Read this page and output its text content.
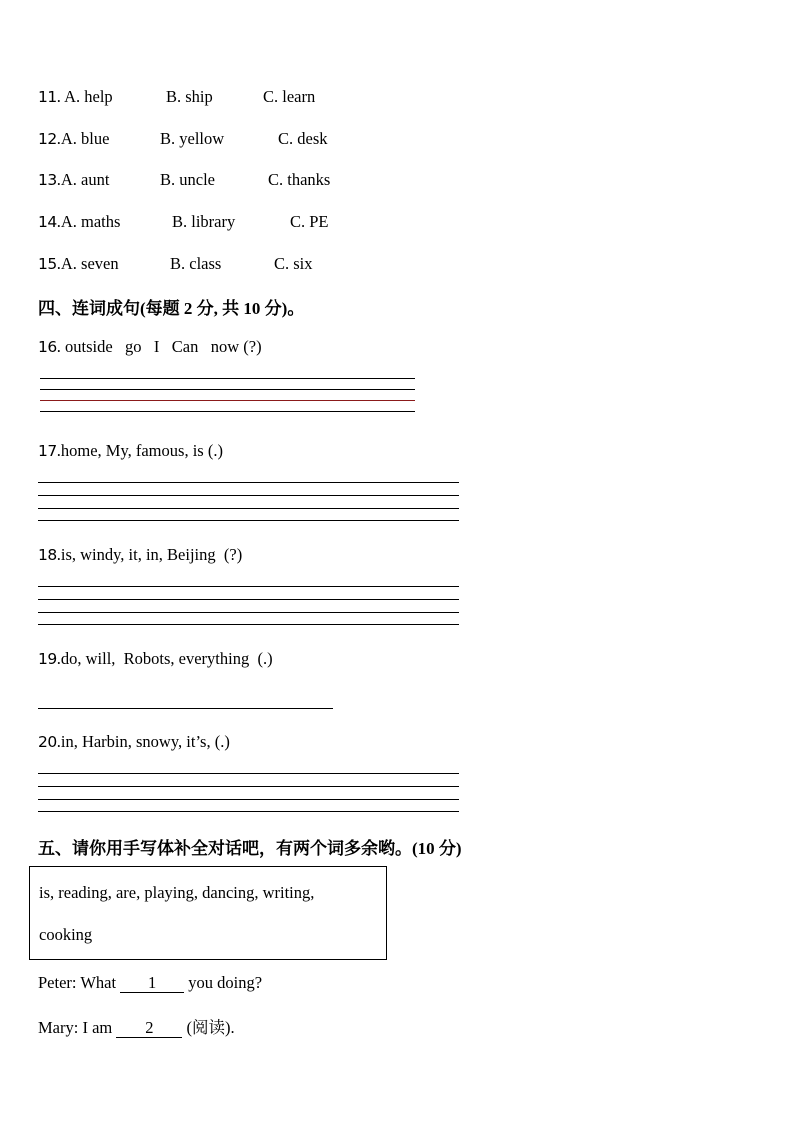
11. A. help	B. ship	C. learn
12.A. blue	B. yellow	C. desk
13.A. aunt	B. uncle	C. thanks
14.A. maths	B. library	C. PE
15.A. seven	B. class	C. six
四、连词成句(每题 2 分, 共 10 分)。
16. outside   go   I   Can   now (?)
17.home, My, famous, is (.)
18.is, windy, it, in, Beijing  (?)
19.do, will,  Robots, everything  (.)
20.in, Harbin, snowy, it’s, (.)
五、请你用手写体补全对话吧，有两个词多余哟。(10 分)
is, reading, are, playing, dancing, writing,
cooking
Peter: What 1 you doing?
Mary: I am 2 (阅读).
